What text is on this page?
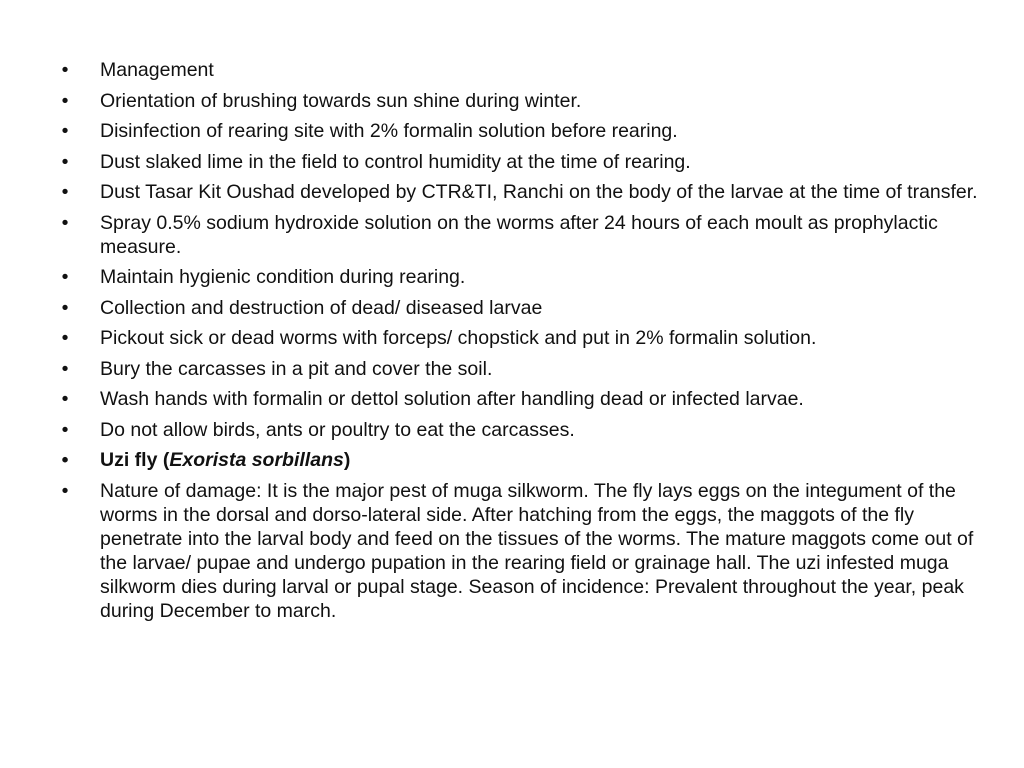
• Management
• Orientation of brushing towards sun shine during winter.
• Disinfection of rearing site with 2% formalin solution before rearing.
• Dust slaked lime in the field to control humidity at the time of rearing.
• Dust Tasar Kit Oushad developed by CTR&TI, Ranchi on the body of the larvae at the time of transfer.
• Spray 0.5% sodium hydroxide solution on the worms after 24 hours of each moult as prophylactic measure.
• Maintain hygienic condition during rearing.
• Collection and destruction of dead/ diseased larvae
• Pickout sick or dead worms with forceps/ chopstick and put in 2% formalin solution.
• Bury the carcasses in a pit and cover the soil.
• Wash hands with formalin or dettol solution after handling dead or infected larvae.
• Do not allow birds, ants or poultry to eat the carcasses.
• Uzi fly (Exorista sorbillans)
• Nature of damage: It is the major pest of muga silkworm. The fly lays eggs on the integument of the worms in the dorsal and dorso-lateral side. After hatching from the eggs, the maggots of the fly penetrate into the larval body and feed on the tissues of the worms. The mature maggots come out of the larvae/ pupae and undergo pupation in the rearing field or grainage hall. The uzi infested muga silkworm dies during larval or pupal stage. Season of incidence: Prevalent throughout the year, peak during December to march.
